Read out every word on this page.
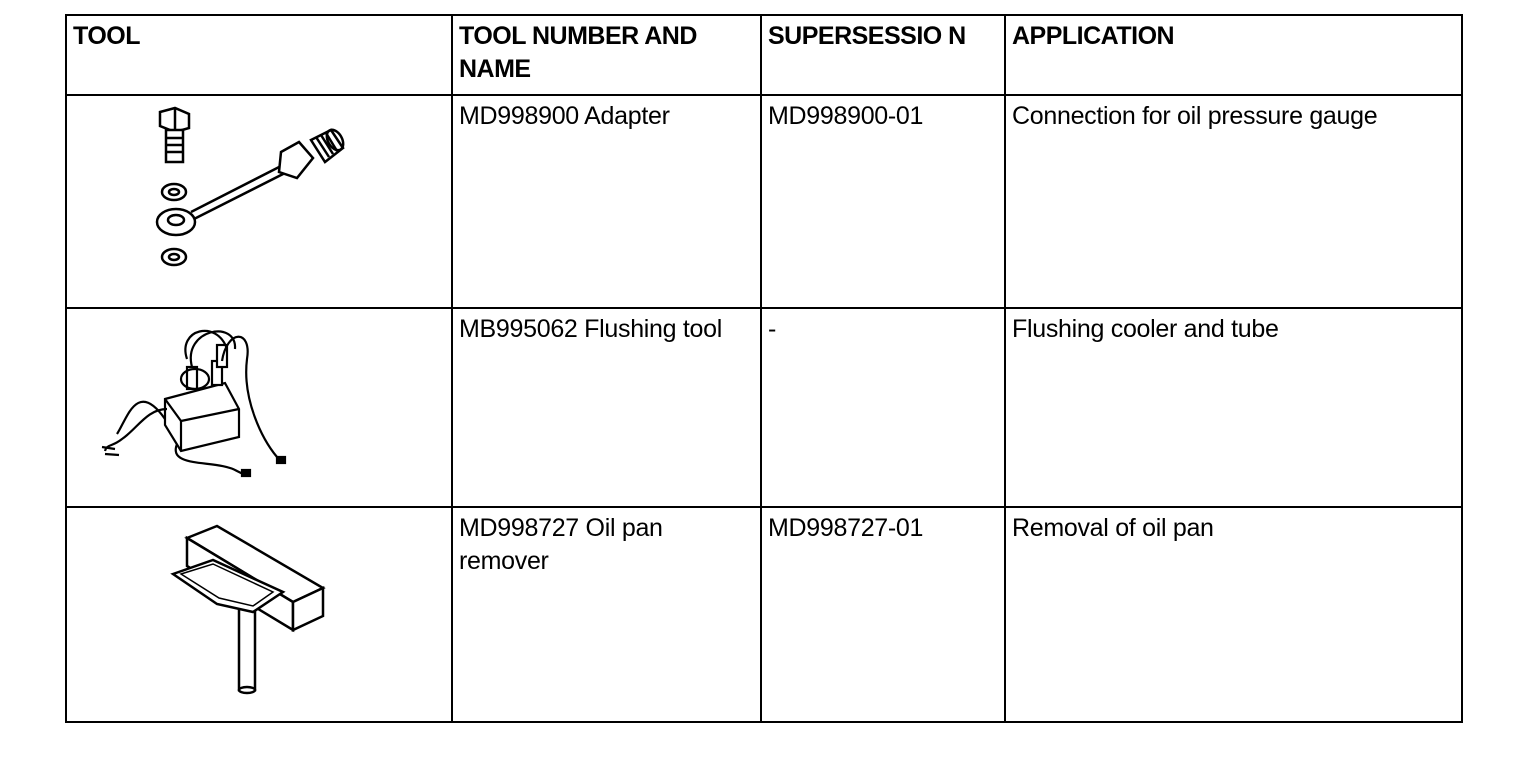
TOOL	TOOL NUMBER AND NAME	SUPERSESSIO N	APPLICATION

	MD998900 Adapter	MD998900-01	Connection for oil pressure gauge

	MB995062 Flushing tool	-	Flushing cooler and tube

	MD998727 Oil pan remover	MD998727-01	Removal of oil pan
